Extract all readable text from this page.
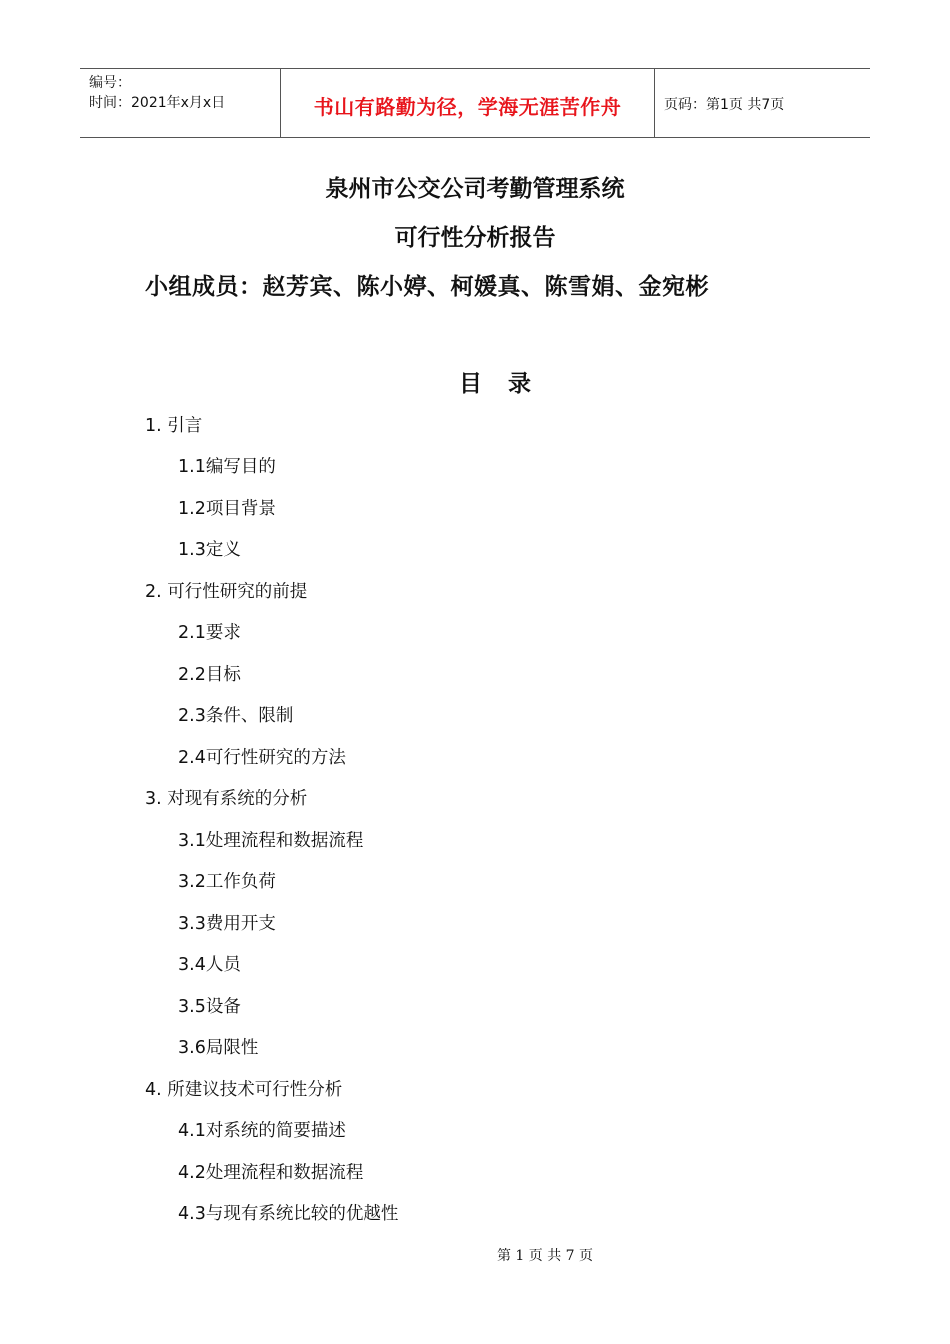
编号：
时间：2021年x月x日	书山有路勤为径，学海无涯苦作舟	页码：第1页 共7页
泉州市公交公司考勤管理系统
可行性分析报告
小组成员：赵芳宾、陈小婷、柯媛真、陈雪娟、金宛彬
目 录
1. 引言
1.1编写目的
1.2项目背景
1.3定义
2. 可行性研究的前提
2.1要求
2.2目标
2.3条件、限制
2.4可行性研究的方法
3. 对现有系统的分析
3.1处理流程和数据流程
3.2工作负荷
3.3费用开支
3.4人员
3.5设备
3.6局限性
4. 所建议技术可行性分析
4.1对系统的简要描述
4.2处理流程和数据流程
4.3与现有系统比较的优越性
第 1 页 共 7 页
